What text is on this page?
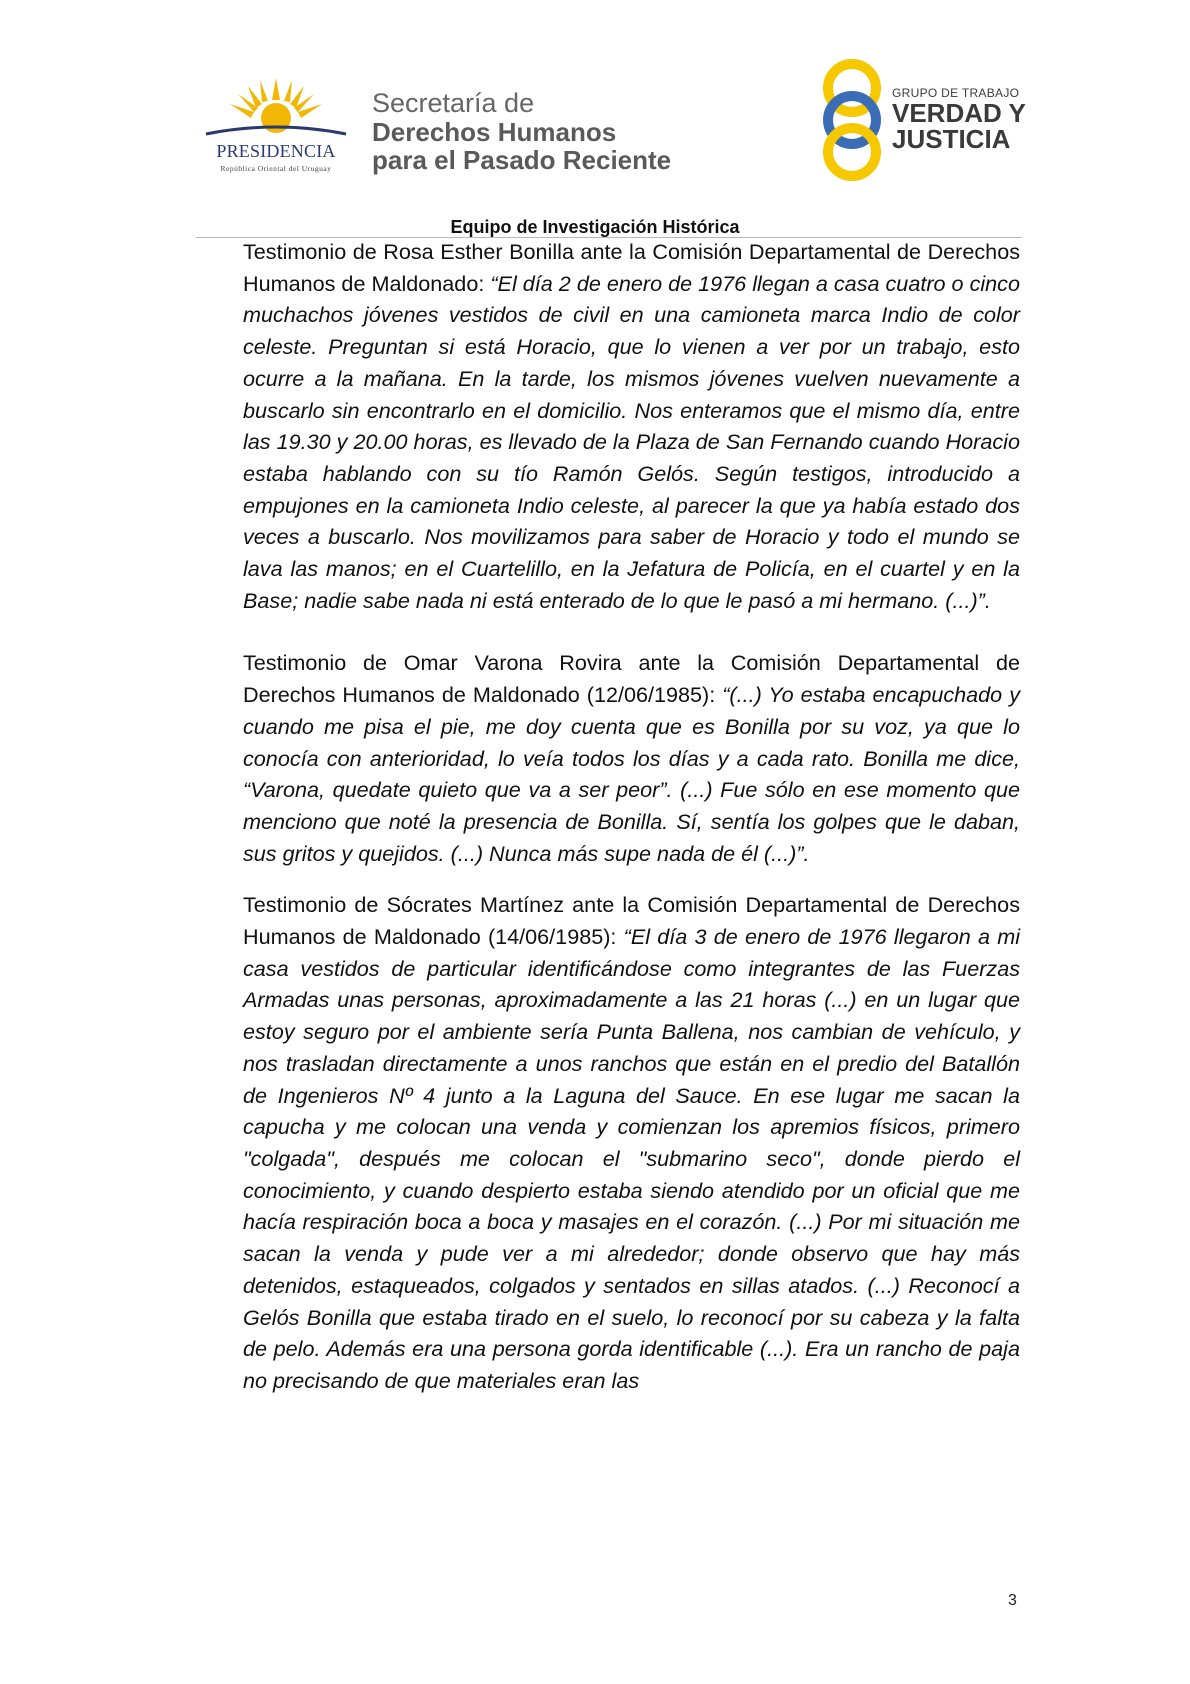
PRESIDENCIA
República Oriental del Uruguay
Secretaría de
Derechos Humanos
para el Pasado Reciente
GRUPO DE TRABAJO
VERDAD Y
JUSTICIA
Equipo de Investigación Histórica

Testimonio de Rosa Esther Bonilla ante la Comisión Departamental de Derechos Humanos de Maldonado: “El día 2 de enero de 1976 llegan a casa cuatro o cinco muchachos jóvenes vestidos de civil en una camioneta marca Indio de color celeste. Preguntan si está Horacio, que lo vienen a ver por un trabajo, esto ocurre a la mañana. En la tarde, los mismos jóvenes vuelven nuevamente a buscarlo sin encontrarlo en el domicilio. Nos enteramos que el mismo día, entre las 19.30 y 20.00 horas, es llevado de la Plaza de San Fernando cuando Horacio estaba hablando con su tío Ramón Gelós. Según testigos, introducido a empujones en la camioneta Indio celeste, al parecer la que ya había estado dos veces a buscarlo. Nos movilizamos para saber de Horacio y todo el mundo se lava las manos; en el Cuartelillo, en la Jefatura de Policía, en el cuartel y en la Base; nadie sabe nada ni está enterado de lo que le pasó a mi hermano. (...)”.

Testimonio de Omar Varona Rovira ante la Comisión Departamental de Derechos Humanos de Maldonado (12/06/1985): “(...) Yo estaba encapuchado y cuando me pisa el pie, me doy cuenta que es Bonilla por su voz, ya que lo conocía con anterioridad, lo veía todos los días y a cada rato. Bonilla me dice, “Varona, quedate quieto que va a ser peor”. (...) Fue sólo en ese momento que menciono que noté la presencia de Bonilla. Sí, sentía los golpes que le daban, sus gritos y quejidos. (...) Nunca más supe nada de él (...)”.

Testimonio de Sócrates Martínez ante la Comisión Departamental de Derechos Humanos de Maldonado (14/06/1985): “El día 3 de enero de 1976 llegaron a mi casa vestidos de particular identificándose como integrantes de las Fuerzas Armadas unas personas, aproximadamente a las 21 horas (...) en un lugar que estoy seguro por el ambiente sería Punta Ballena, nos cambian de vehículo, y nos trasladan directamente a unos ranchos que están en el predio del Batallón de Ingenieros Nº 4 junto a la Laguna del Sauce. En ese lugar me sacan la capucha y me colocan una venda y comienzan los apremios físicos, primero "colgada", después me colocan el "submarino seco", donde pierdo el conocimiento, y cuando despierto estaba siendo atendido por un oficial que me hacía respiración boca a boca y masajes en el corazón. (...) Por mi situación me sacan la venda y pude ver a mi alrededor; donde observo que hay más detenidos, estaqueados, colgados y sentados en sillas atados. (...) Reconocí a Gelós Bonilla que estaba tirado en el suelo, lo reconocí por su cabeza y la falta de pelo. Además era una persona gorda identificable (...). Era un rancho de paja no precisando de que materiales eran las

3
